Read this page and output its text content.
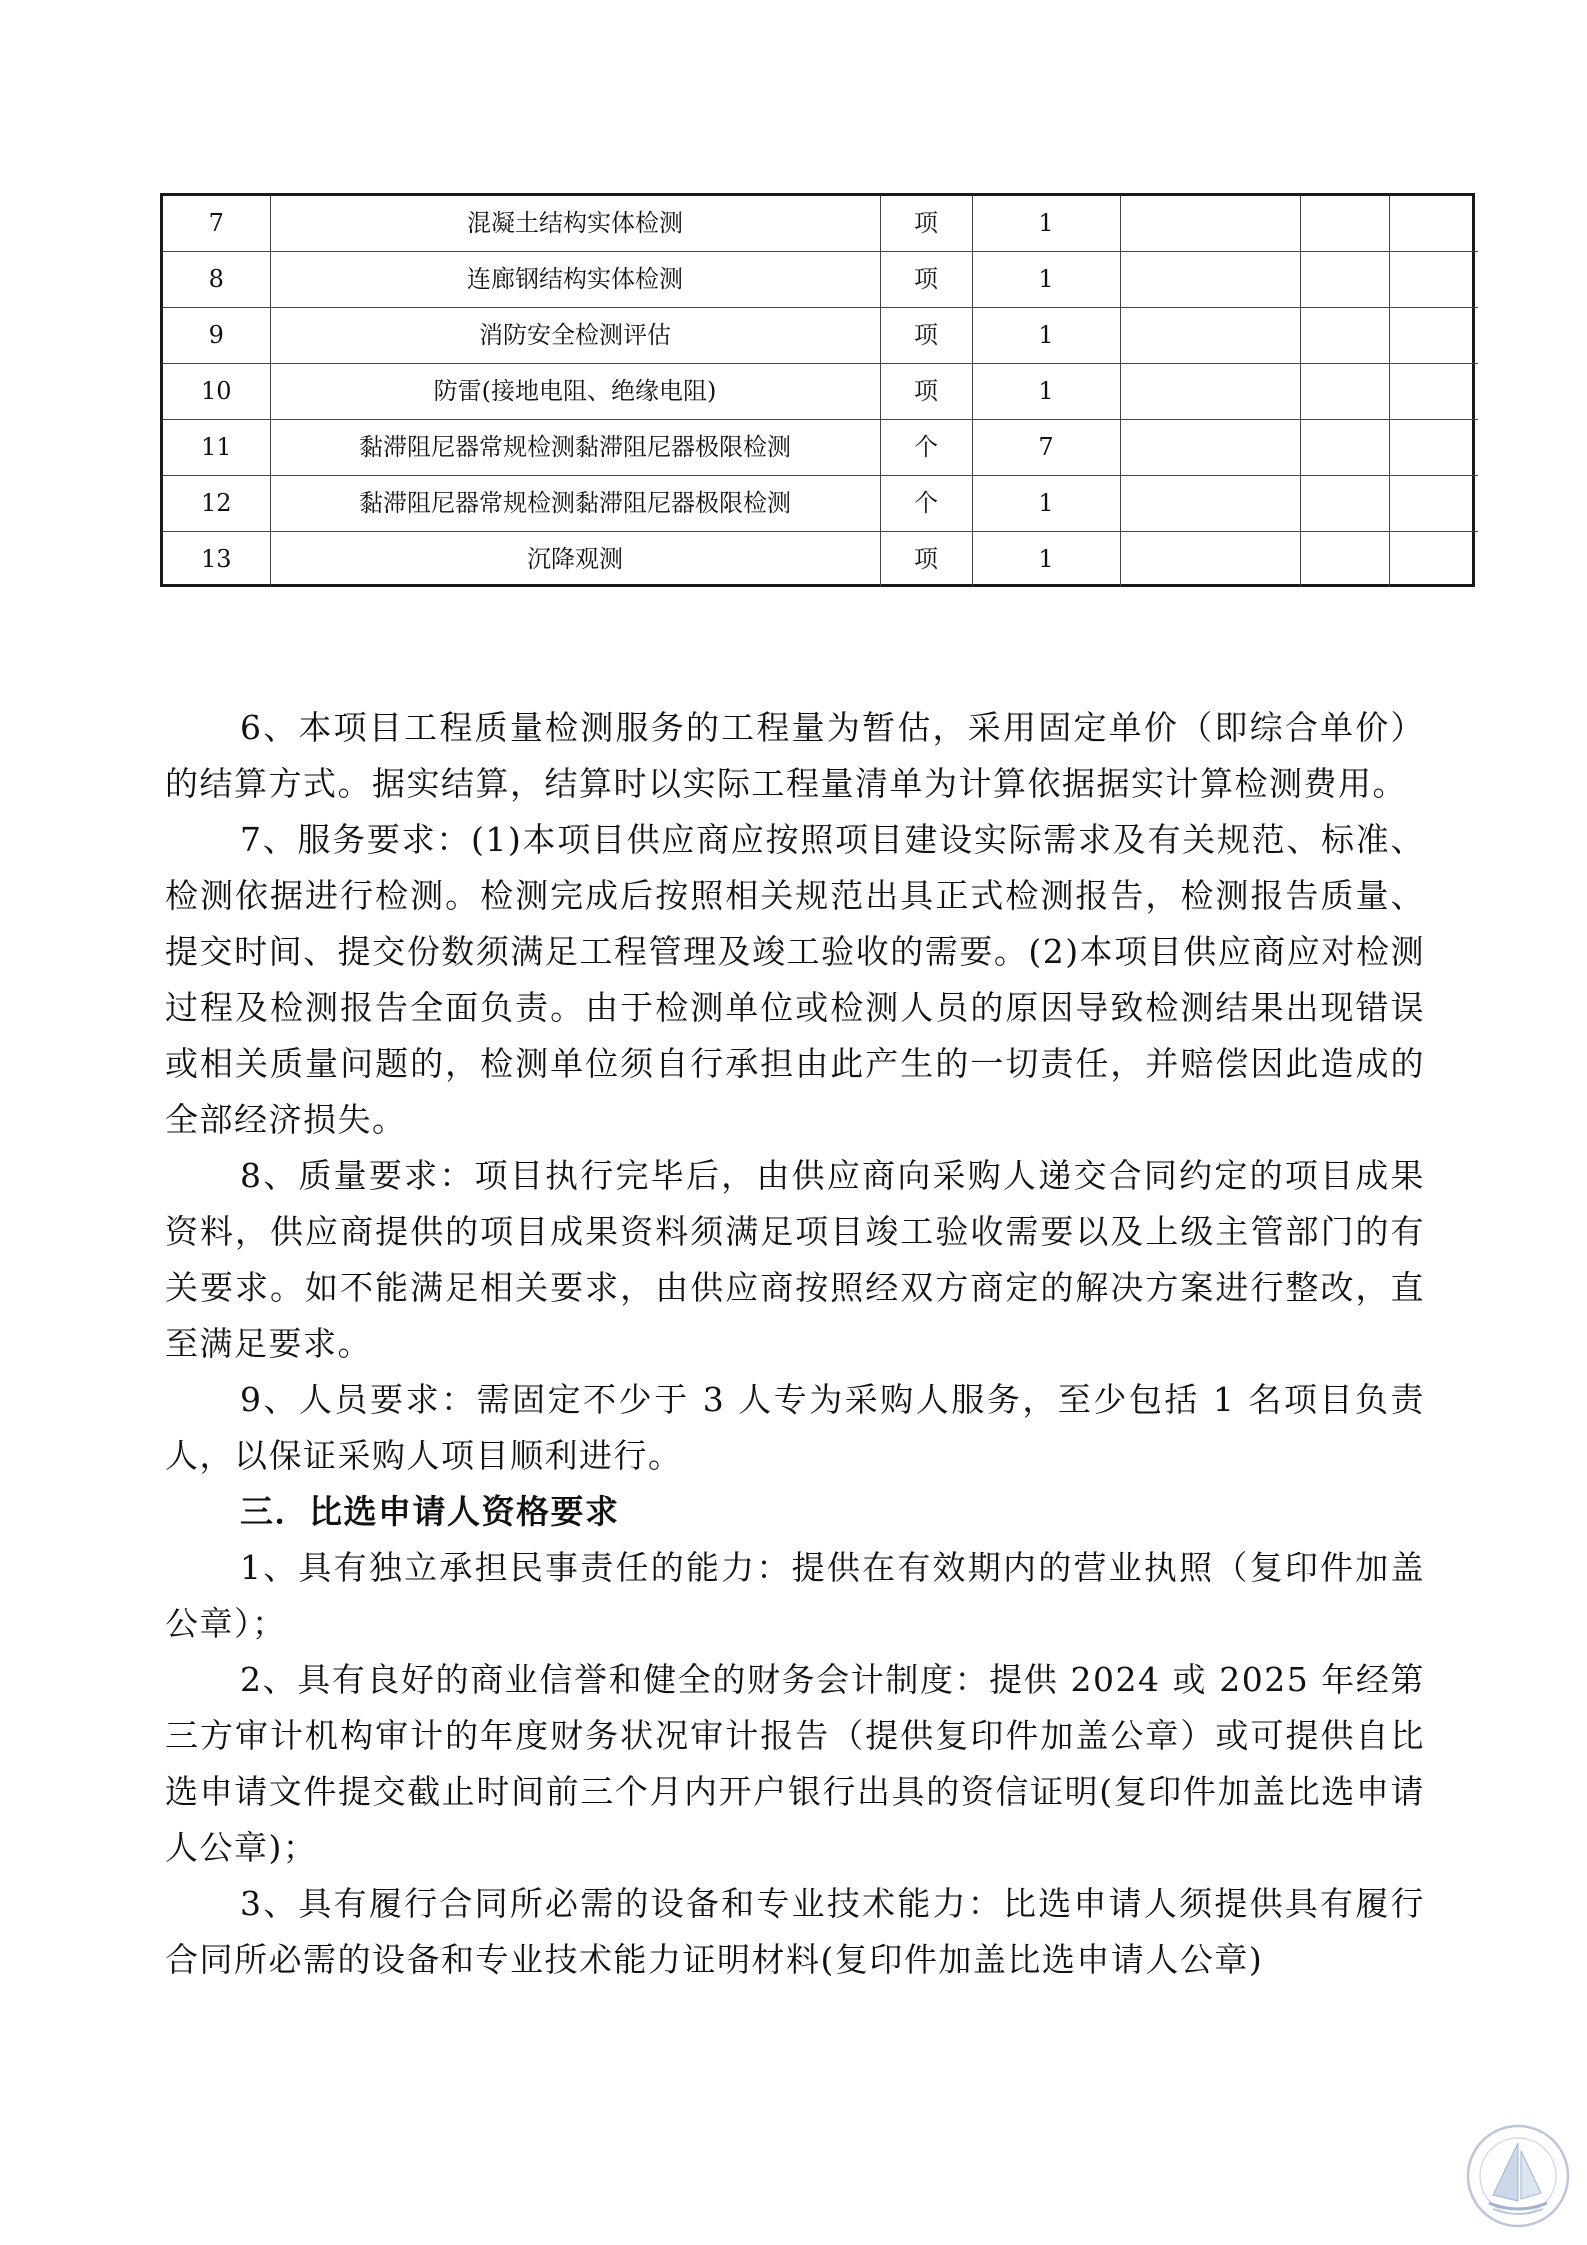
7	混凝土结构实体检测	项	1			
8	连廊钢结构实体检测	项	1			
9	消防安全检测评估	项	1			
10	防雷(接地电阻、绝缘电阻)	项	1			
11	黏滞阻尼器常规检测黏滞阻尼器极限检测	个	7			
12	黏滞阻尼器常规检测黏滞阻尼器极限检测	个	1			
13	沉降观测	项	1			

6、本项目工程质量检测服务的工程量为暂估，采用固定单价（即综合单价）的结算方式。据实结算，结算时以实际工程量清单为计算依据据实计算检测费用。

7、服务要求：(1)本项目供应商应按照项目建设实际需求及有关规范、标准、检测依据进行检测。检测完成后按照相关规范出具正式检测报告，检测报告质量、提交时间、提交份数须满足工程管理及竣工验收的需要。(2)本项目供应商应对检测过程及检测报告全面负责。由于检测单位或检测人员的原因导致检测结果出现错误或相关质量问题的，检测单位须自行承担由此产生的一切责任，并赔偿因此造成的全部经济损失。

8、质量要求：项目执行完毕后，由供应商向采购人递交合同约定的项目成果资料，供应商提供的项目成果资料须满足项目竣工验收需要以及上级主管部门的有关要求。如不能满足相关要求，由供应商按照经双方商定的解决方案进行整改，直至满足要求。

9、人员要求：需固定不少于 3 人专为采购人服务，至少包括 1 名项目负责人，以保证采购人项目顺利进行。

三．比选申请人资格要求

1、具有独立承担民事责任的能力：提供在有效期内的营业执照（复印件加盖公章）；

2、具有良好的商业信誉和健全的财务会计制度：提供 2024 或 2025 年经第三方审计机构审计的年度财务状况审计报告（提供复印件加盖公章）或可提供自比选申请文件提交截止时间前三个月内开户银行出具的资信证明(复印件加盖比选申请人公章)；

3、具有履行合同所必需的设备和专业技术能力：比选申请人须提供具有履行合同所必需的设备和专业技术能力证明材料(复印件加盖比选申请人公章)
